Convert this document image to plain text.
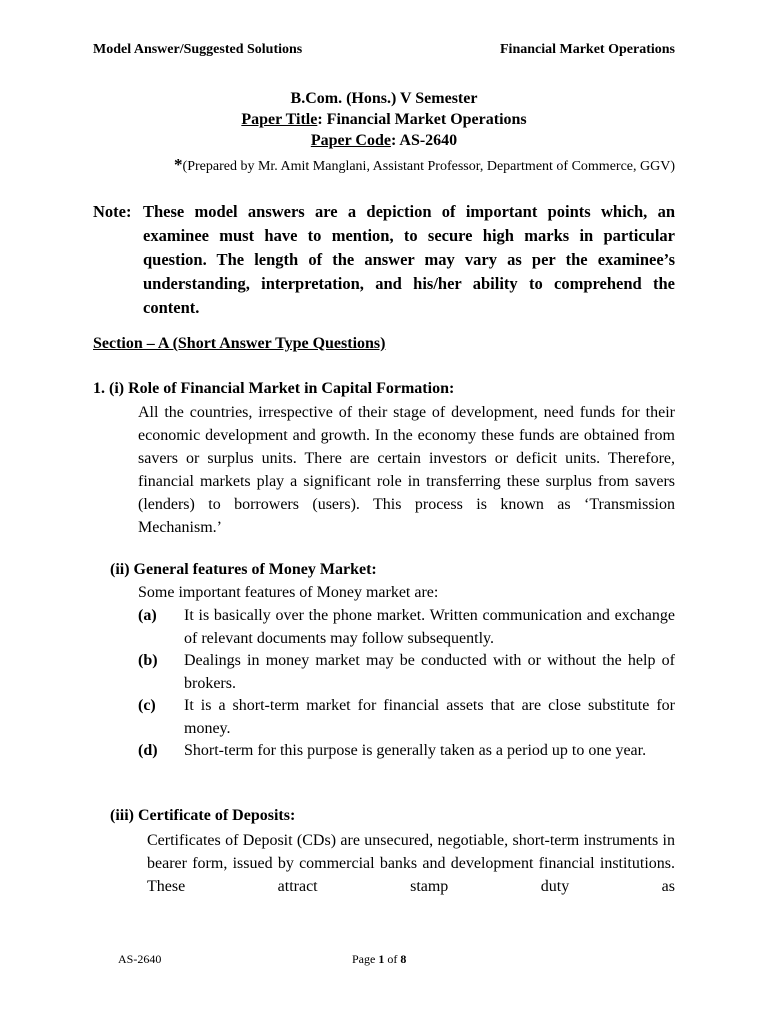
Model Answer/Suggested Solutions	Financial Market Operations
B.Com. (Hons.) V Semester
Paper Title: Financial Market Operations
Paper Code: AS-2640
*(Prepared by Mr. Amit Manglani, Assistant Professor, Department of Commerce, GGV)
Note: These model answers are a depiction of important points which, an examinee must have to mention, to secure high marks in particular question. The length of the answer may vary as per the examinee’s understanding, interpretation, and his/her ability to comprehend the content.
Section – A (Short Answer Type Questions)
1. (i) Role of Financial Market in Capital Formation:
All the countries, irrespective of their stage of development, need funds for their economic development and growth. In the economy these funds are obtained from savers or surplus units. There are certain investors or deficit units. Therefore, financial markets play a significant role in transferring these surplus from savers (lenders) to borrowers (users). This process is known as ‘Transmission Mechanism.’
(ii) General features of Money Market:
Some important features of Money market are:
(a)	It is basically over the phone market. Written communication and exchange of relevant documents may follow subsequently.
(b)	Dealings in money market may be conducted with or without the help of brokers.
(c)	It is a short-term market for financial assets that are close substitute for money.
(d)	Short-term for this purpose is generally taken as a period up to one year.
(iii) Certificate of Deposits:
Certificates of Deposit (CDs) are unsecured, negotiable, short-term instruments in bearer form, issued by commercial banks and development financial institutions. These attract stamp duty as
AS-2640	Page 1 of 8
